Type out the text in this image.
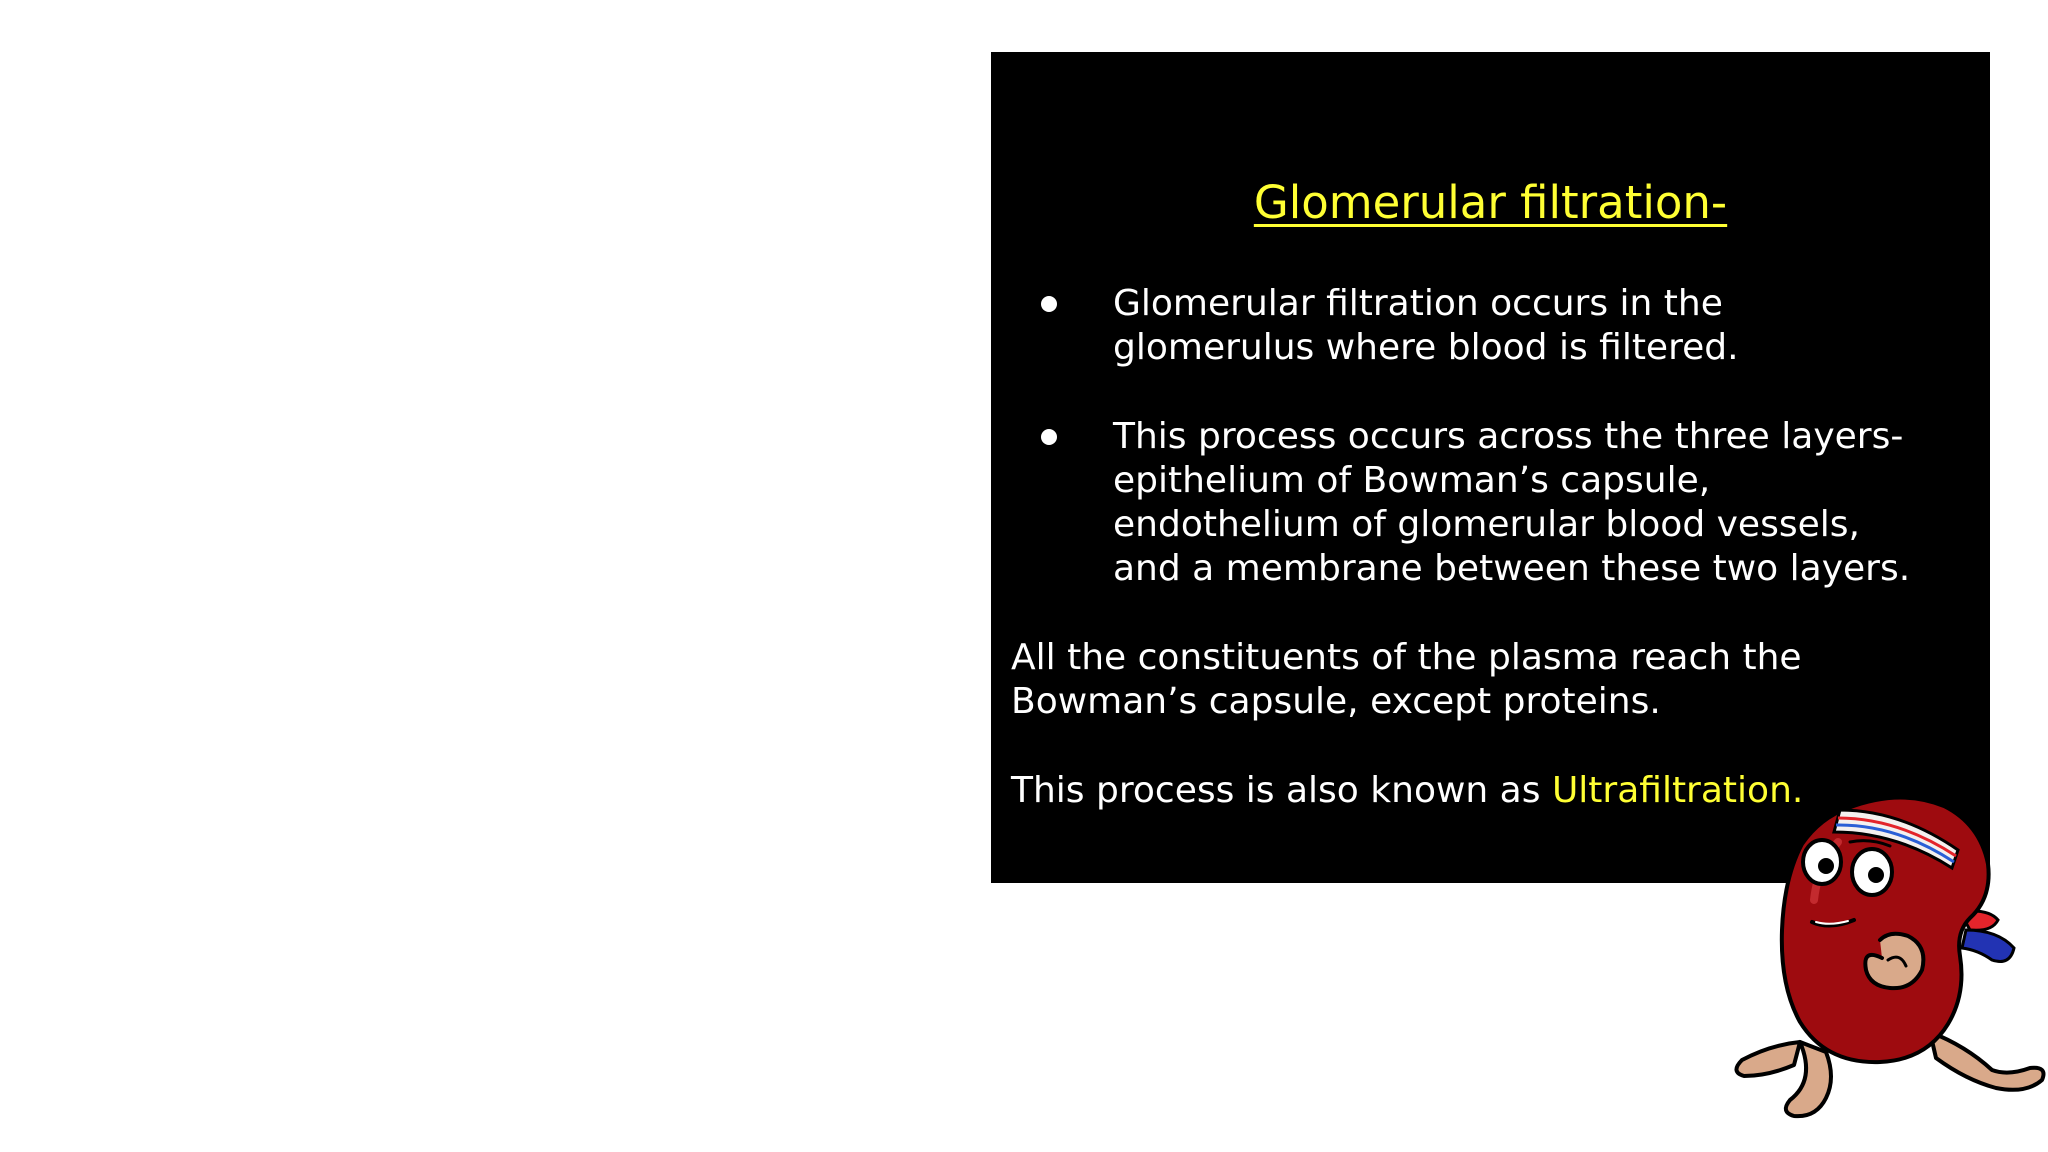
Glomerular filtration-
Glomerular filtration occurs in the
glomerulus where blood is filtered.
This process occurs across the three layers-
epithelium of Bowman’s capsule,
endothelium of glomerular blood vessels,
and a membrane between these two layers.
All the constituents of the plasma reach the
Bowman’s capsule, except proteins.
This process is also known as Ultrafiltration.
